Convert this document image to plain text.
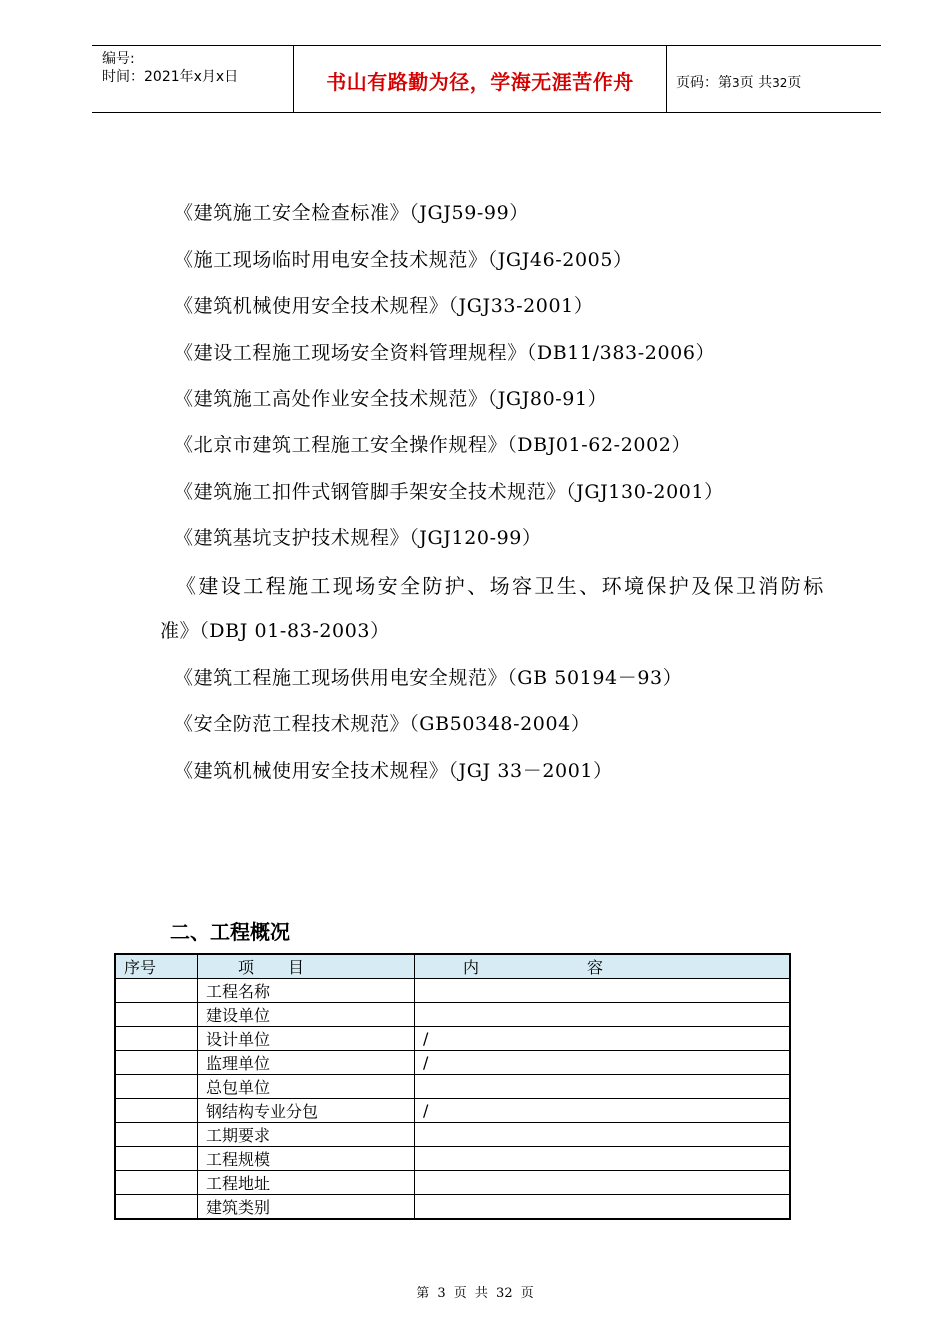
编号:
时间：2021年x月x日	书山有路勤为径，学海无涯苦作舟	页码：第3页 共32页
《建筑施工安全检查标准》（JGJ59-99）
《施工现场临时用电安全技术规范》（JGJ46-2005）
《建筑机械使用安全技术规程》（JGJ33-2001）
《建设工程施工现场安全资料管理规程》（DB11/383-2006）
《建筑施工高处作业安全技术规范》（JGJ80-91）
《北京市建筑工程施工安全操作规程》（DBJ01-62-2002）
《建筑施工扣件式钢管脚手架安全技术规范》（JGJ130-2001）
《建筑基坑支护技术规程》（JGJ120-99）
《建设工程施工现场安全防护、场容卫生、环境保护及保卫消防标
准》（DBJ 01-83-2003）
《建筑工程施工现场供用电安全规范》（GB 50194－93）
《安全防范工程技术规范》（GB50348-2004）
《建筑机械使用安全技术规程》（JGJ 33－2001）
二、工程概况
序号	项目	内 容
	工程名称	
	建设单位	
	设计单位	/
	监理单位	/
	总包单位	
	钢结构专业分包	/
	工期要求	
	工程规模	
	工程地址	
	建筑类别	
第 3 页 共 32 页
